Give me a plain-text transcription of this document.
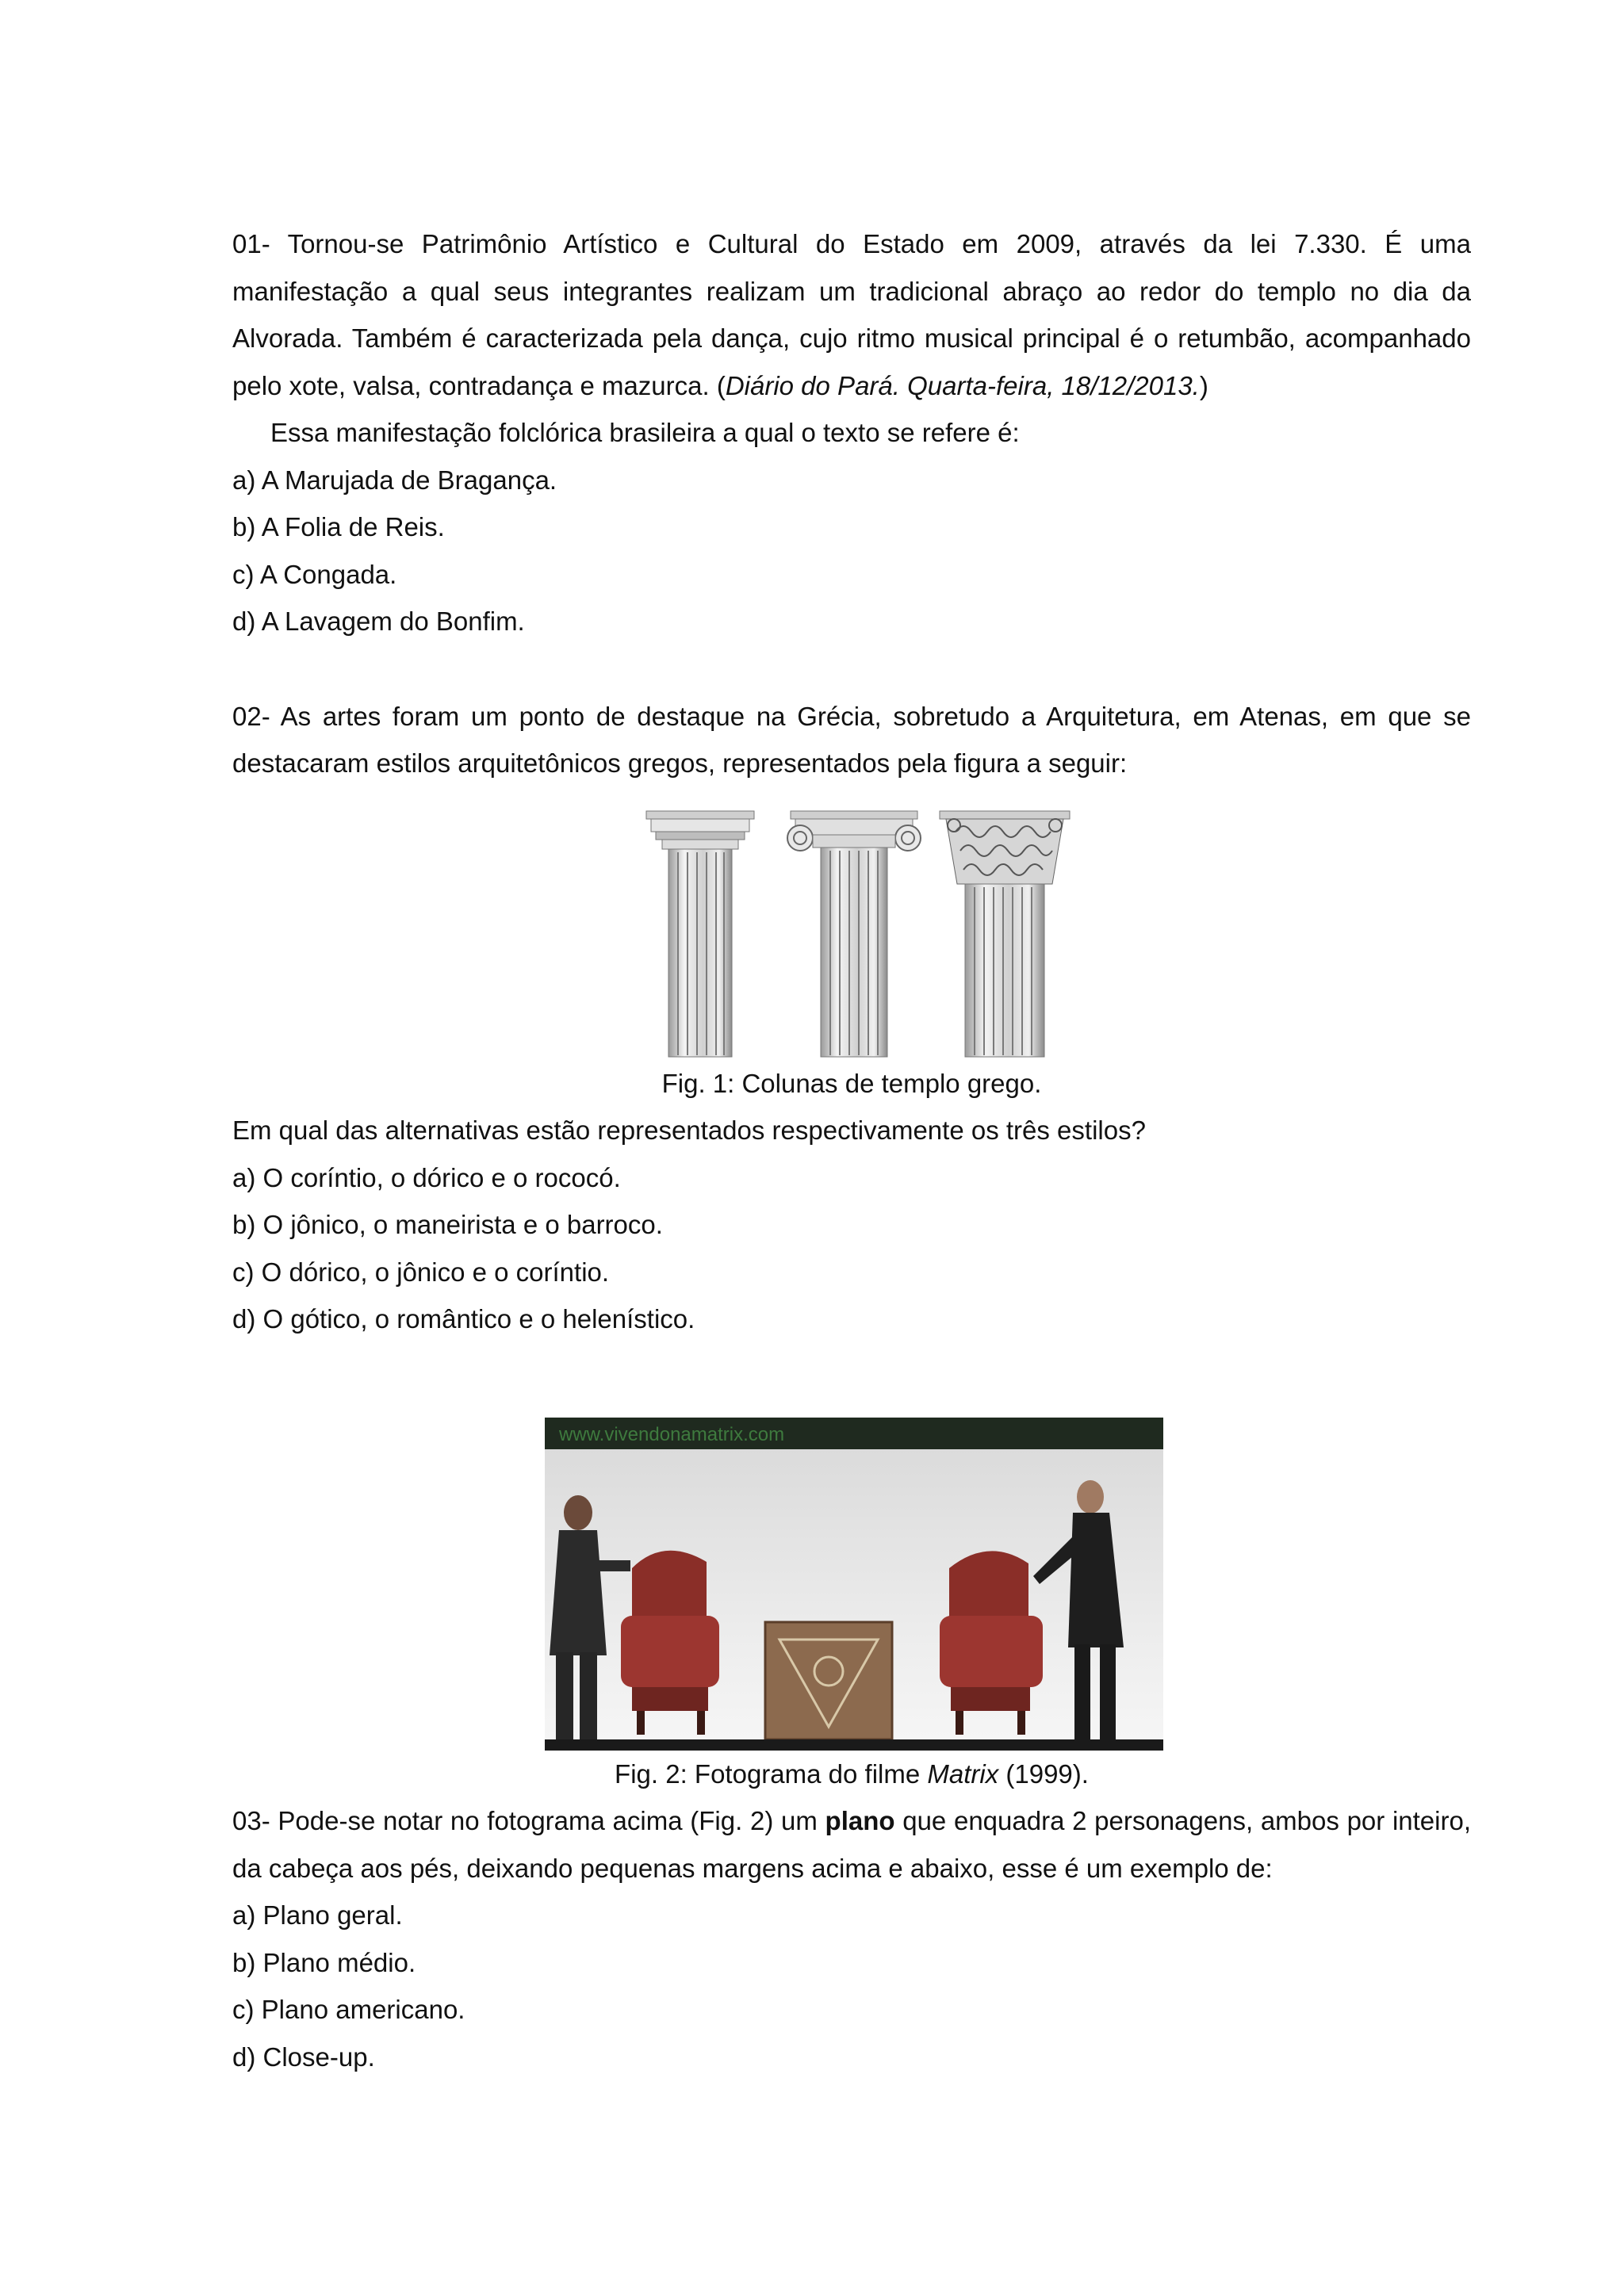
01- Tornou-se Patrimônio Artístico e Cultural do Estado em 2009, através da lei 7.330. É uma manifestação a qual seus integrantes realizam um tradicional abraço ao redor do templo no dia da Alvorada. Também é caracterizada pela dança, cujo ritmo musical principal é o retumbão, acompanhado pelo xote, valsa, contradança e mazurca. (Diário do Pará. Quarta-feira, 18/12/2013.)

Essa manifestação folclórica brasileira a qual o texto se refere é:

a) A Marujada de Bragança.

b) A Folia de Reis.

c) A Congada.

d) A Lavagem do Bonfim.

02- As artes foram um ponto de destaque na Grécia, sobretudo a Arquitetura, em Atenas, em que se destacaram estilos arquitetônicos gregos, representados pela figura a seguir:

Fig. 1: Colunas de templo grego.

Em qual das alternativas estão representados respectivamente os três estilos?

a) O coríntio, o dórico e o rococó.

b) O jônico, o maneirista e o barroco.

c) O dórico, o jônico e o coríntio.

d) O gótico, o romântico e o helenístico.

www.vivendonamatrix.com

Fig. 2: Fotograma do filme Matrix (1999).

03- Pode-se notar no fotograma acima (Fig. 2) um plano que enquadra 2 personagens, ambos por inteiro, da cabeça aos pés, deixando pequenas margens acima e abaixo, esse é um exemplo de:

a) Plano geral.

b) Plano médio.

c) Plano americano.

d) Close-up.
